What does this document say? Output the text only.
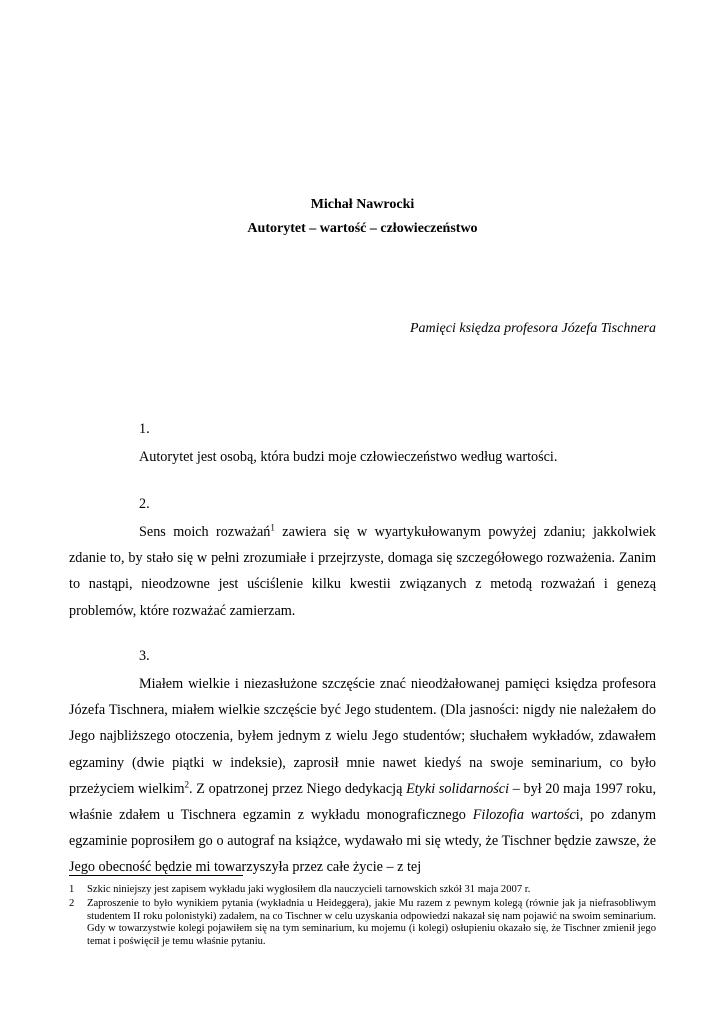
Michał Nawrocki
Autorytet – wartość – człowieczeństwo
Pamięci księdza profesora Józefa Tischnera
1.
Autorytet jest osobą, która budzi moje człowieczeństwo według wartości.
2.
Sens moich rozważań$^1$ zawiera się w wyartykułowanym powyżej zdaniu; jakkolwiek zdanie to, by stało się w pełni zrozumiałe i przejrzyste, domaga się szczegółowego rozważenia. Zanim to nastąpi, nieodzowne jest uściślenie kilku kwestii związanych z metodą rozważań i genezą problemów, które rozważać zamierzam.
3.
Miałem wielkie i niezasłużone szczęście znać nieodżałowanej pamięci księdza profesora Józefa Tischnera, miałem wielkie szczęście być Jego studentem. (Dla jasności: nigdy nie należałem do Jego najbliższego otoczenia, byłem jednym z wielu Jego studentów; słuchałem wykładów, zdawałem egzaminy (dwie piątki w indeksie), zaprosił mnie nawet kiedyś na swoje seminarium, co było przeżyciem wielkim$^2$. Z opatrzonej przez Niego dedykacją Etyki solidarności – był 20 maja 1997 roku, właśnie zdałem u Tischnera egzamin z wykładu monograficznego Filozofia wartości, po zdanym egzaminie poprosiłem go o autograf na książce, wydawało mi się wtedy, że Tischner będzie zawsze, że Jego obecność będzie mi towarzyszyła przez całe życie – z tej
1 Szkic niniejszy jest zapisem wykładu jaki wygłosiłem dla nauczycieli tarnowskich szkół 31 maja 2007 r.
2 Zaproszenie to było wynikiem pytania (wykładnia u Heideggera), jakie Mu razem z pewnym kolegą (równie jak ja niefrasobliwym studentem II roku polonistyki) zadałem, na co Tischner w celu uzyskania odpowiedzi nakazał się nam pojawić na swoim seminarium. Gdy w towarzystwie kolegi pojawiłem się na tym seminarium, ku mojemu (i kolegi) osłupieniu okazało się, że Tischner zmienił jego temat i poświęcił je temu właśnie pytaniu.
